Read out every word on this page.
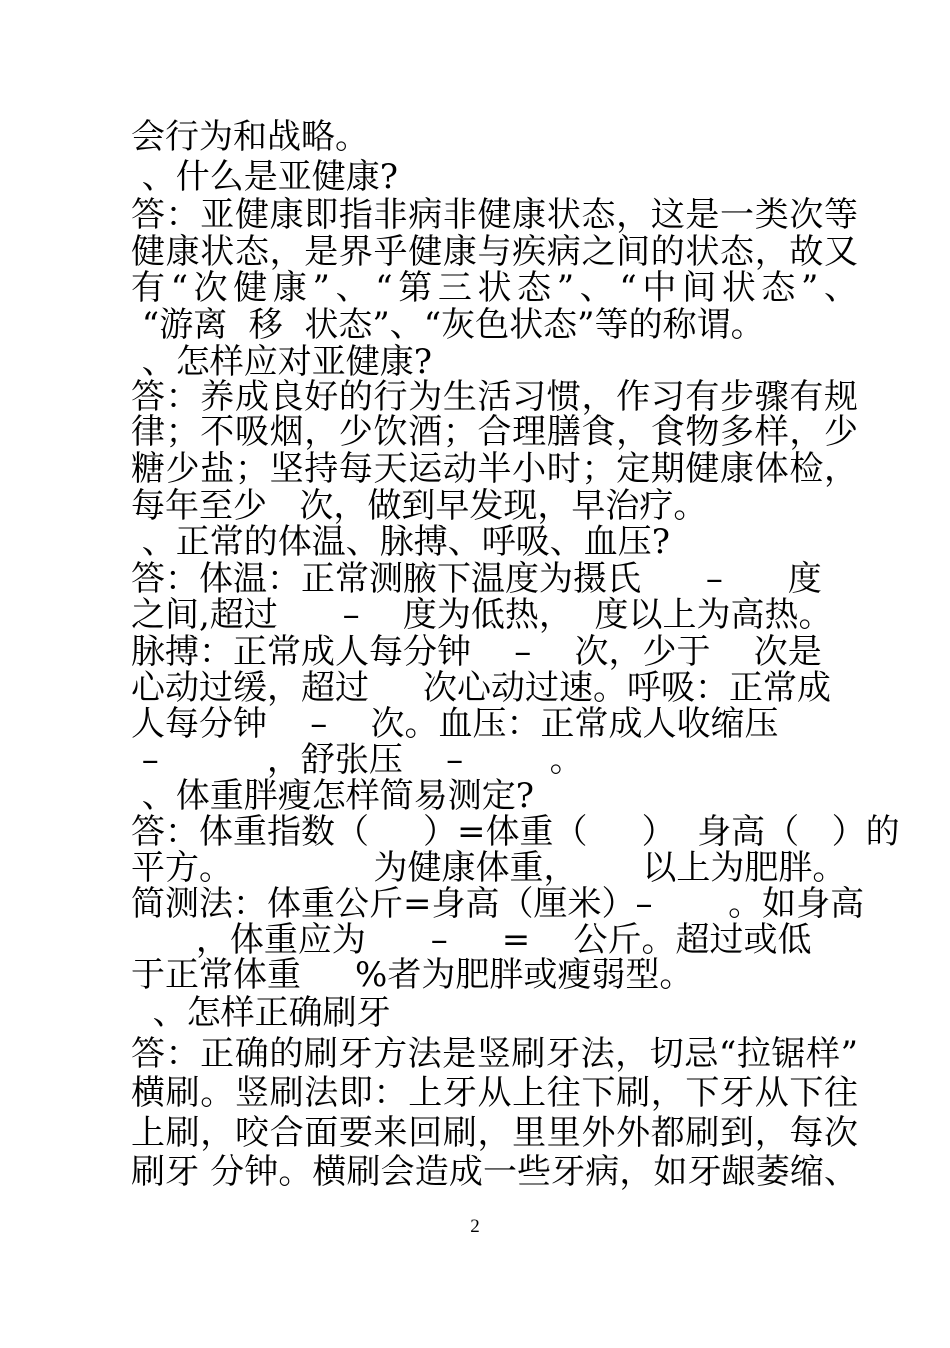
会行为和战略。
、什么是亚健康?
答：亚健康即指非病非健康状态，这是一类次等
健康状态，是界乎健康与疾病之间的状态，故又
有“次健康”、“第三状态”、“中间状态”、
“游离  移  状态”、“灰色状态”等的称谓。
、怎样应对亚健康?
答：养成良好的行为生活习惯，作习有步骤有规
律；不吸烟，少饮酒；合理膳食，食物多样，少
糖少盐；坚持每天运动半小时；定期健康体检，
每年至少   次，做到早发现，早治疗。
、正常的体温、脉搏、呼吸、血压?
答：体温：正常测腋下温度为摄氏      –      度
之间,超过      –    度为低热，  度以上为高热。
脉搏：正常成人每分钟    –    次，少于    次是
心动过缓，超过     次心动过速。呼吸：正常成
人每分钟    –    次。血压：正常成人收缩压
–          ，舒张压    –        。
、体重胖瘦怎样简易测定?
答：体重指数（     ）=体重（     ）  身高（   ）的
平方。             为健康体重，      以上为肥胖。
简测法：体重公斤=身高（厘米）–       。如身高
，体重应为      –     =    公斤。超过或低
于正常体重     %者为肥胖或瘦弱型。
、怎样正确刷牙
答：正确的刷牙方法是竖刷牙法，切忌“拉锯样”
横刷。竖刷法即：上牙从上往下刷，下牙从下往
上刷，咬合面要来回刷，里里外外都刷到，每次
刷牙 分钟。横刷会造成一些牙病，如牙龈萎缩、
2
